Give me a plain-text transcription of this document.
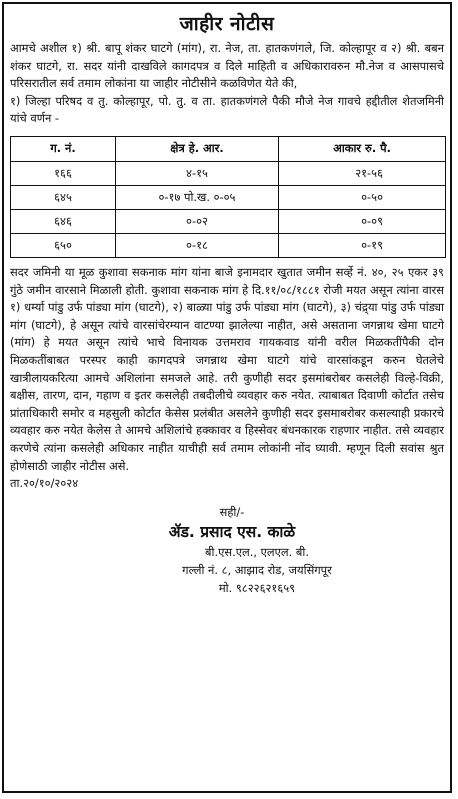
जाहीर नोटीस
आमचे अशील १) श्री. बापू शंकर घाटगे (मांग), रा. नेज, ता. हातकणंगले, जि. कोल्हापूर व २) श्री. बबन शंकर घाटगे, रा. सदर यांनी दाखविले कागदपत्र व दिले माहिती व अधिकारावरुन मौ.नेज व आसपासचे परिसरातील सर्व तमाम लोकांना या जाहीर नोटीसीने कळविणेत येते की,
१) जिल्हा परिषद व तु. कोल्हापूर, पो. तु. व ता. हातकणंगले पैकी मौजे नेज गावचे हद्दीतील शेतजमिनी यांचे वर्णन -
ग. नं.	क्षेत्र हे. आर.	आकार रु. पै.
१६६	४-१५	२१-५६
६४५	०-१७ पो.ख. ०-०५	०-५०
६४६	०-०२	०-०९
६५०	०-१८	०-१९
सदर जमिनी या मूळ कुशावा सकनाक मांग यांना बाजे इनामदार खुतात जमीन सर्व्हे नं. ४०, २५ एकर ३९ गुंठे जमीन वारसाने मिळाली होती. कुशावा सकनाक मांग हे दि.११/०८/१८८१ रोजी मयत असून त्यांना वारस १) धर्म्या पांडु उर्फ पांड्या मांग (घाटगे), २) बाळ्या पांडु उर्फ पांड्या मांग (घाटगे), ३) चंद्र्या पांडु उर्फ पांड्या मांग (घाटगे), हे असून त्यांचे वारसांचेरम्यान वाटण्या झालेल्या नाहीत, असे असताना जगन्नाथ खेमा घाटगे (मांग) हे मयत असून त्यांचे भाचे विनायक उत्तमराव गायकवाड यांनी वरील मिळकतींपैकी दोन मिळकतींबाबत परस्पर काही कागदपत्रे जगन्नाथ खेमा घाटगे यांचे वारसांकडून करुन घेतलेचे खात्रीलायकरित्या आमचे अशिलांना समजले आहे. तरी कुणीही सदर इसमांबरोबर कसलेही विल्हे-विक्री, बक्षीस, तारण, दान, गहाण व इतर कसलेही तबदीलीचे व्यवहार करु नयेत. त्याबाबत दिवाणी कोर्टात तसेच प्रांताधिकारी समोर व महसुली कोर्टात केसेस प्रलंबीत असलेने कुणीही सदर इसमाबरोबर कसल्याही प्रकारचे व्यवहार करु नयेत केलेस ते आमचे अशिलांचे हक्कावर व हिस्सेवर बंधनकारक राहणार नाहीत. तसे व्यवहार करणेचे त्यांना कसलेही अधिकार नाहीत याचीही सर्व तमाम लोकांनी नोंद घ्यावी. म्हणून दिली सवांस श्रुत होणेसाठी जाहीर नोटीस असे.
ता.२०/१०/२०२४
सही/-
ॲड. प्रसाद एस. काळे
बी.एस.एल., एलएल. बी.
गल्ली नं. ८, आझाद रोड, जयसिंगपूर
मो. ९८२२६२१६५९
